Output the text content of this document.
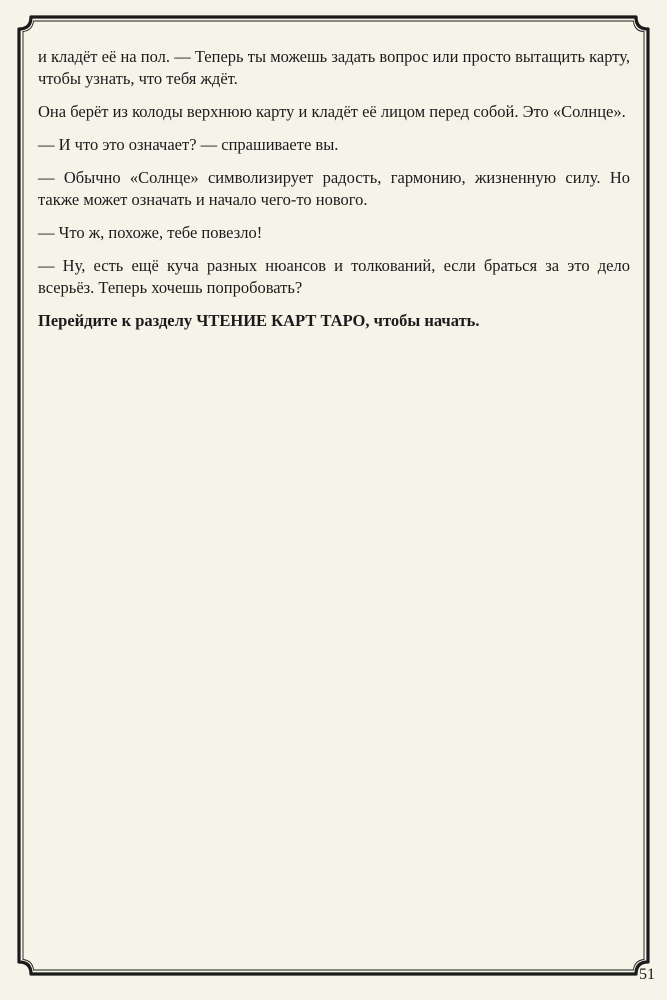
и кладёт её на пол. — Теперь ты можешь задать вопрос или просто вытащить карту, чтобы узнать, что тебя ждёт.

Она берёт из колоды верхнюю карту и кладёт её лицом перед собой. Это «Солнце».

— И что это означает? — спрашиваете вы.

— Обычно «Солнце» символизирует радость, гармонию, жизненную силу. Но также может означать и начало чего-то нового.

— Что ж, похоже, тебе повезло!

— Ну, есть ещё куча разных нюансов и толкований, если браться за это дело всерьёз. Теперь хочешь попробовать?

Перейдите к разделу ЧТЕНИЕ КАРТ ТАРО, чтобы начать.

51
